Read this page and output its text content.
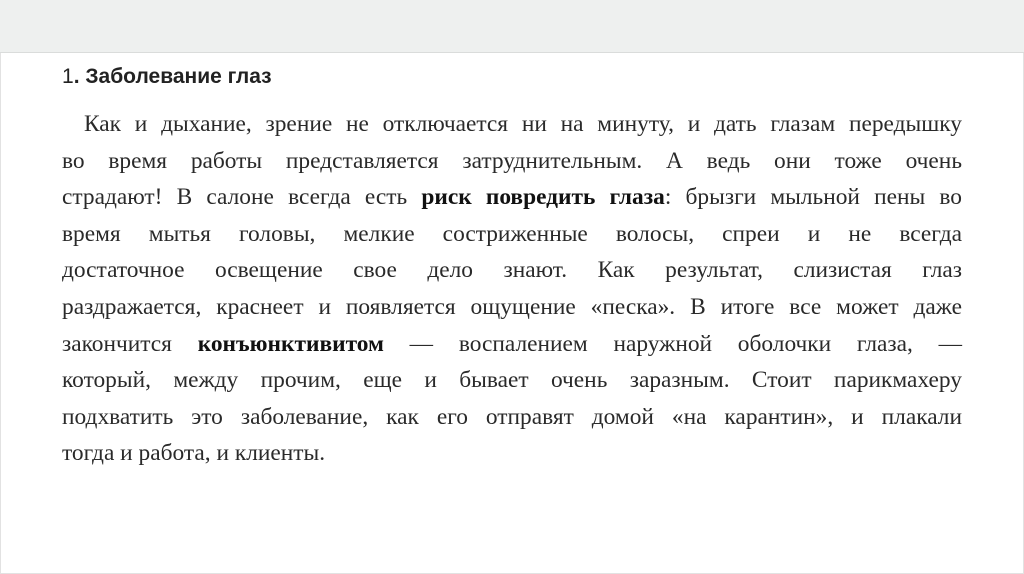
1. Заболевание глаз
Как и дыхание, зрение не отключается ни на минуту, и дать глазам передышку
во время работы представляется затруднительным. А ведь они тоже очень
страдают! В салоне всегда есть риск повредить глаза: брызги мыльной пены во
время мытья головы, мелкие состриженные волосы, спреи и не всегда
достаточное освещение свое дело знают. Как результат, слизистая глаз
раздражается, краснеет и появляется ощущение «песка». В итоге все может даже
закончится конъюнктивитом — воспалением наружной оболочки глаза, —
который, между прочим, еще и бывает очень заразным. Стоит парикмахеру
подхватить это заболевание, как его отправят домой «на карантин», и плакали
тогда и работа, и клиенты.
